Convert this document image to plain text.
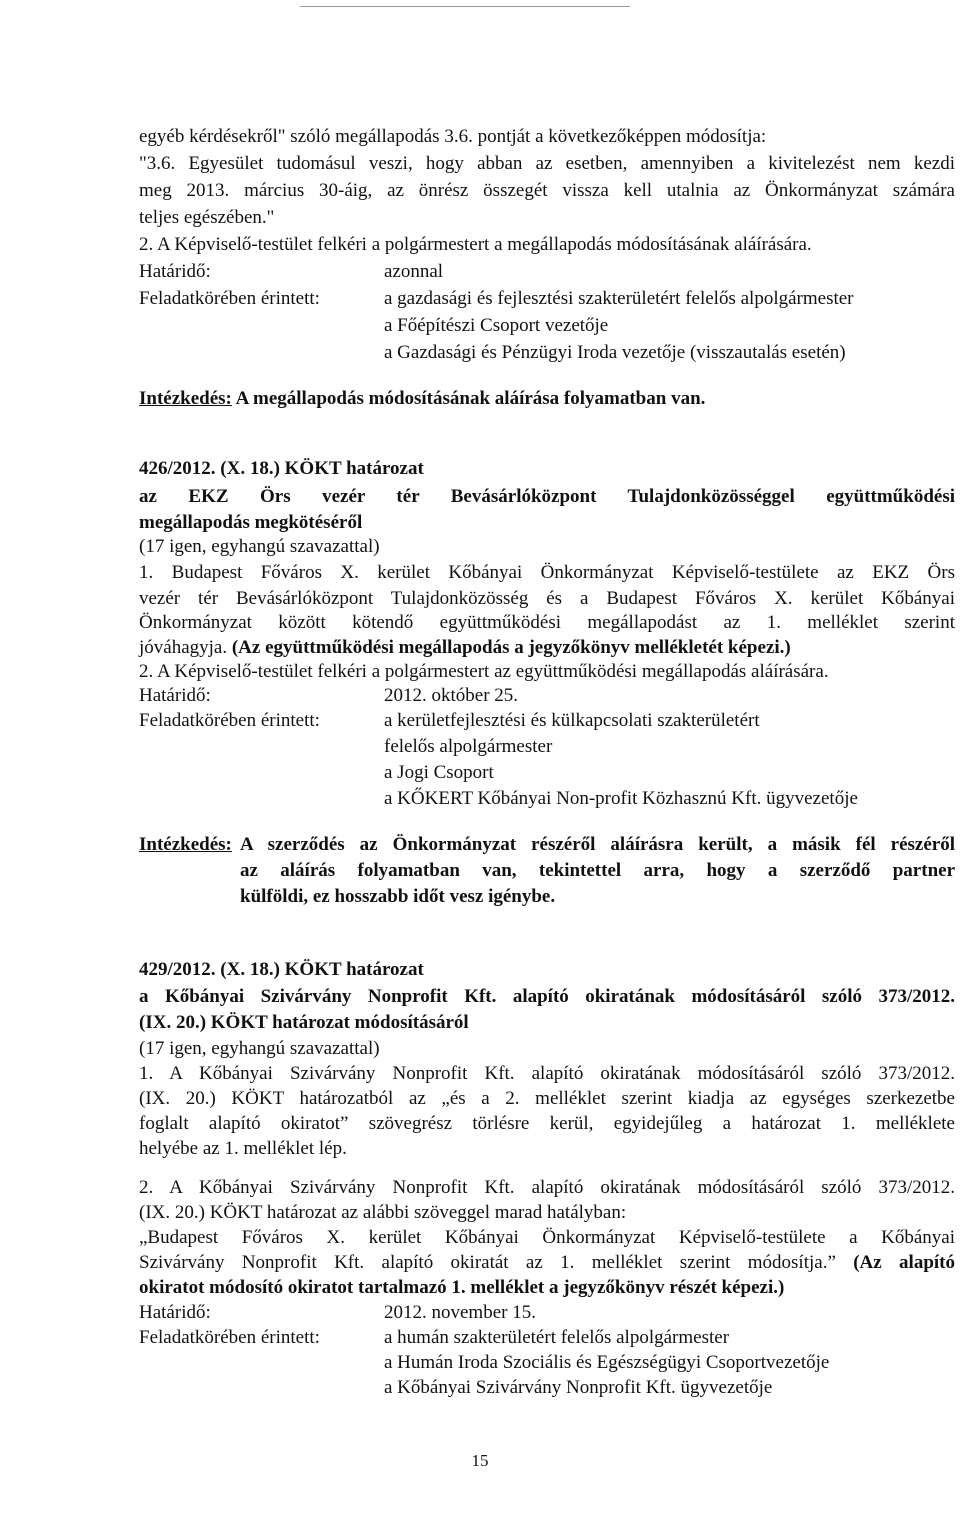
egyéb kérdésekről" szóló megállapodás 3.6. pontját a következőképpen módosítja:
"3.6. Egyesület tudomásul veszi, hogy abban az esetben, amennyiben a kivitelezést nem kezdi
meg 2013. március 30-áig, az önrész összegét vissza kell utalnia az Önkormányzat számára
teljes egészében."
2. A Képviselő-testület felkéri a polgármestert a megállapodás módosításának aláírására.
Határidő:	azonnal
Feladatkörében érintett:	a gazdasági és fejlesztési szakterületért felelős alpolgármester
a Főépítészi Csoport vezetője
a Gazdasági és Pénzügyi Iroda vezetője (visszautalás esetén)
Intézkedés: A megállapodás módosításának aláírása folyamatban van.
426/2012. (X. 18.) KÖKT határozat
az EKZ Örs vezér tér Bevásárlóközpont Tulajdonközösséggel együttműködési
megállapodás megkötéséről
(17 igen, egyhangú szavazattal)
1. Budapest Főváros X. kerület Kőbányai Önkormányzat Képviselő-testülete az EKZ Örs
vezér tér Bevásárlóközpont Tulajdonközösség és a Budapest Főváros X. kerület Kőbányai
Önkormányzat között kötendő együttműködési megállapodást az 1. melléklet szerint
jóváhagyja. (Az együttműködési megállapodás a jegyzőkönyv mellékletét képezi.)
2. A Képviselő-testület felkéri a polgármestert az együttműködési megállapodás aláírására.
Határidő:	2012. október 25.
Feladatkörében érintett:	a kerületfejlesztési és külkapcsolati szakterületért
felelős alpolgármester
a Jogi Csoport
a KŐKERT Kőbányai Non-profit Közhasznú Kft. ügyvezetője
Intézkedés: A szerződés az Önkormányzat részéről aláírásra került, a másik fél részéről
az aláírás folyamatban van, tekintettel arra, hogy a szerződő partner
külföldi, ez hosszabb időt vesz igénybe.
429/2012. (X. 18.) KÖKT határozat
a Kőbányai Szivárvány Nonprofit Kft. alapító okiratának módosításáról szóló 373/2012.
(IX. 20.) KÖKT határozat módosításáról
(17 igen, egyhangú szavazattal)
1. A Kőbányai Szivárvány Nonprofit Kft. alapító okiratának módosításáról szóló 373/2012.
(IX. 20.) KÖKT határozatból az „és a 2. melléklet szerint kiadja az egységes szerkezetbe
foglalt alapító okiratot” szövegrész törlésre kerül, egyidejűleg a határozat 1. melléklete
helyébe az 1. melléklet lép.
2. A Kőbányai Szivárvány Nonprofit Kft. alapító okiratának módosításáról szóló 373/2012.
(IX. 20.) KÖKT határozat az alábbi szöveggel marad hatályban:
„Budapest Főváros X. kerület Kőbányai Önkormányzat Képviselő-testülete a Kőbányai
Szivárvány Nonprofit Kft. alapító okiratát az 1. melléklet szerint módosítja.” (Az alapító
okiratot módosító okiratot tartalmazó 1. melléklet a jegyzőkönyv részét képezi.)
Határidő:	2012. november 15.
Feladatkörében érintett:	a humán szakterületért felelős alpolgármester
a Humán Iroda Szociális és Egészségügyi Csoportvezetője
a Kőbányai Szivárvány Nonprofit Kft. ügyvezetője
15
